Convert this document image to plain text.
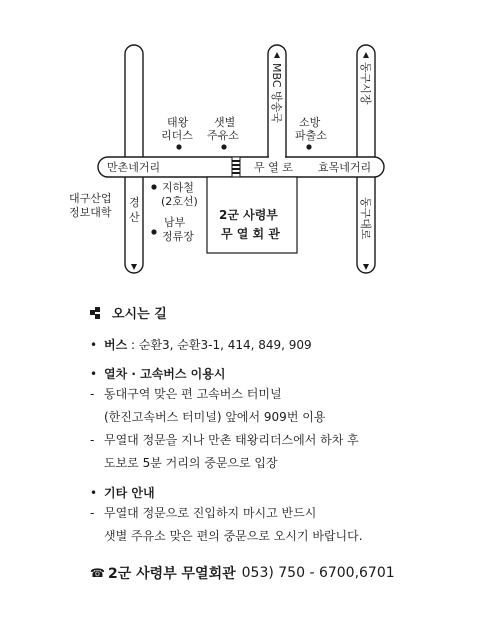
만촌네거리	무 열 로 효목네거리
MBC 방송국	동구시장
동구대로
경
산
태왕
리더스
샛별
주유소
소방
파출소
지하철
(2호선)
남부
정류장
대구산업
정보대학	2군 사령부
무 열 회 관
오시는 길
• 버스 : 순환3, 순환3-1, 414, 849, 909
• 열차 · 고속버스 이용시
- 동대구역 맞은 편 고속버스 터미널
(한진고속버스 터미널) 앞에서 909번 이용
- 무열대 정문을 지나 만촌 태왕리더스에서 하차 후
도보로 5분 거리의 중문으로 입장
• 기타 안내
- 무열대 정문으로 진입하지 마시고 반드시
샛별 주유소 맞은 편의 중문으로 오시기 바랍니다.
☎ 2군 사령부 무열회관 053) 750 - 6700,6701
